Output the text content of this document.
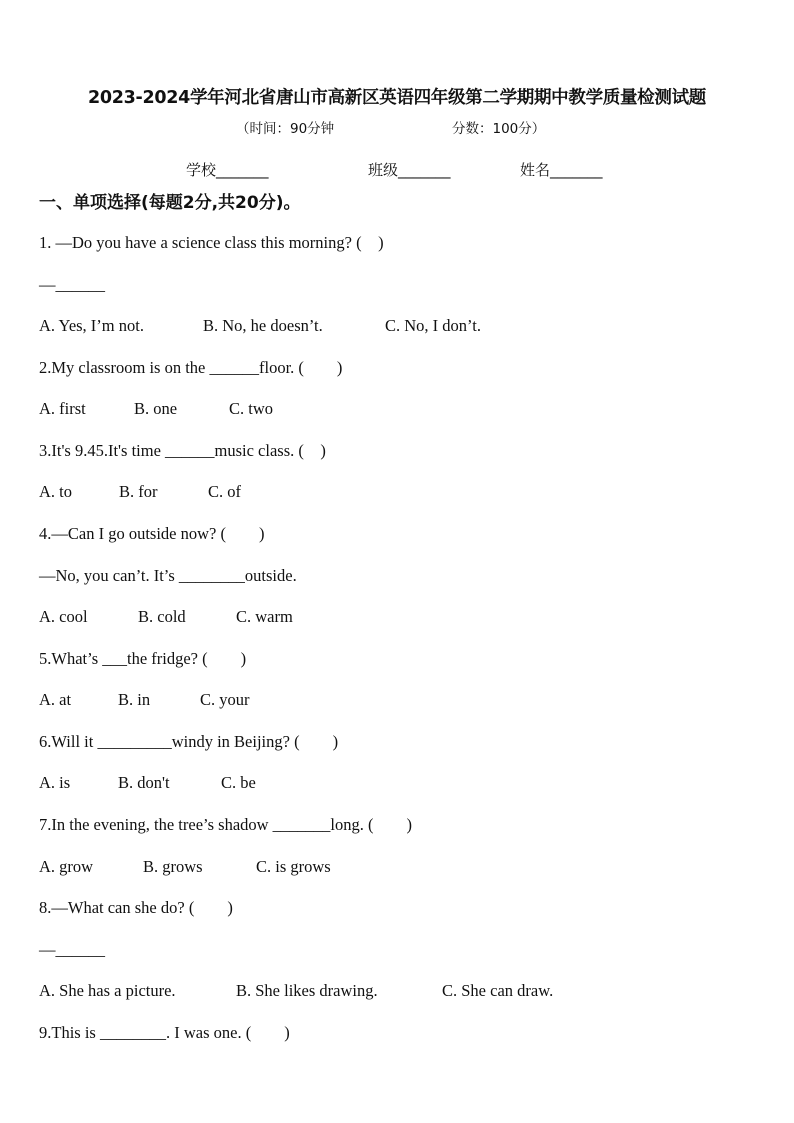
2023-2024学年河北省唐山市高新区英语四年级第二学期期中教学质量检测试题
（时间：90分钟	分数：100分）
学校_______	班级_______	姓名_______
一、单项选择(每题2分,共20分)。
1. —Do you have a science class this morning? (　)
—______
A. Yes, I’m not.	B. No, he doesn’t.	C. No, I don’t.
2.My classroom is on the ______floor. (　　)
A. first	B. one	C. two
3.It's 9.45.It's time ______music class. (　)
A. to	B. for	C. of
4.—Can I go outside now? (　　)
—No, you can’t. It’s ________outside.
A. cool	B. cold	C. warm
5.What’s ___the fridge? (　　)
A. at	B. in	C. your
6.Will it _________windy in Beijing? (　　)
A. is	B. don't	C. be
7.In the evening, the tree’s shadow _______long. (　　)
A. grow	B. grows	C. is grows
8.—What can she do? (　　)
—______
A. She has a picture.	B. She likes drawing.	C. She can draw.
9.This is ________. I was one. (　　)
